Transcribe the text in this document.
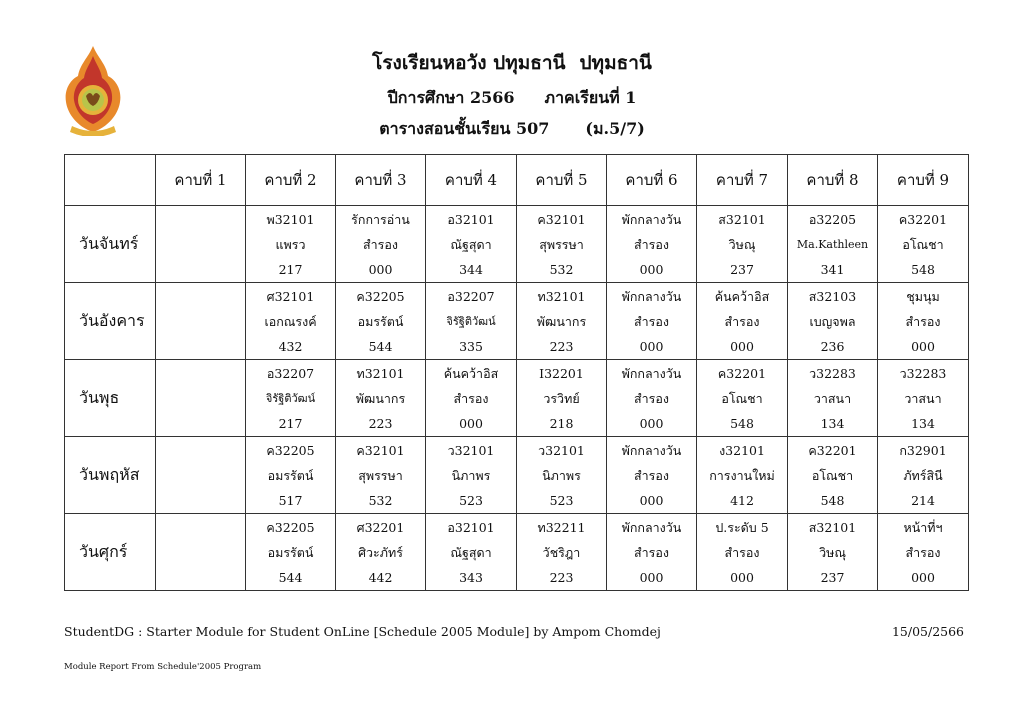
โรงเรียนหอวัง ปทุมธานี ปทุมธานี
ปีการศึกษา 2566 ภาคเรียนที่ 1
ตารางสอนชั้นเรียน 507 (ม.5/7)
	คาบที่ 1	คาบที่ 2	คาบที่ 3	คาบที่ 4	คาบที่ 5	คาบที่ 6	คาบที่ 7	คาบที่ 8	คาบที่ 9
วันจันทร์		พ32101
แพรว
217	รักการอ่าน
สำรอง
000	อ32101
ณัฐสุดา
344	ค32101
สุพรรษา
532	พักกลางวัน
สำรอง
000	ส32101
วิษณุ
237	อ32205
Ma.Kathleen
341	ค32201
อโณชา
548

วันอังคาร		ศ32101
เอกณรงค์
432	ค32205
อมรรัตน์
544	อ32207
จิรัฐิติวัฒน์
335	ท32101
พัฒนากร
223	พักกลางวัน
สำรอง
000	ค้นคว้าอิส
สำรอง
000	ส32103
เบญจพล
236	ชุมนุม
สำรอง
000

วันพุธ		อ32207
จิรัฐิติวัฒน์
217	ท32101
พัฒนากร
223	ค้นคว้าอิส
สำรอง
000	I32201
วรวิทย์
218	พักกลางวัน
สำรอง
000	ค32201
อโณชา
548	ว32283
วาสนา
134	ว32283
วาสนา
134

วันพฤหัส		ค32205
อมรรัตน์
517	ค32101
สุพรรษา
532	ว32101
นิภาพร
523	ว32101
นิภาพร
523	พักกลางวัน
สำรอง
000	ง32101
การงานใหม่
412	ค32201
อโณชา
548	ก32901
ภัทร์สินี
214

วันศุกร์		ค32205
อมรรัตน์
544	ศ32201
ศิวะภัทร์
442	อ32101
ณัฐสุดา
343	ท32211
วัชริฎา
223	พักกลางวัน
สำรอง
000	ป.ระดับ 5
สำรอง
000	ส32101
วิษณุ
237	หน้าที่ฯ
สำรอง
000
StudentDG : Starter Module for Student OnLine [Schedule 2005 Module] by Ampom Chomdej	15/05/2566
Module Report From Schedule'2005 Program
